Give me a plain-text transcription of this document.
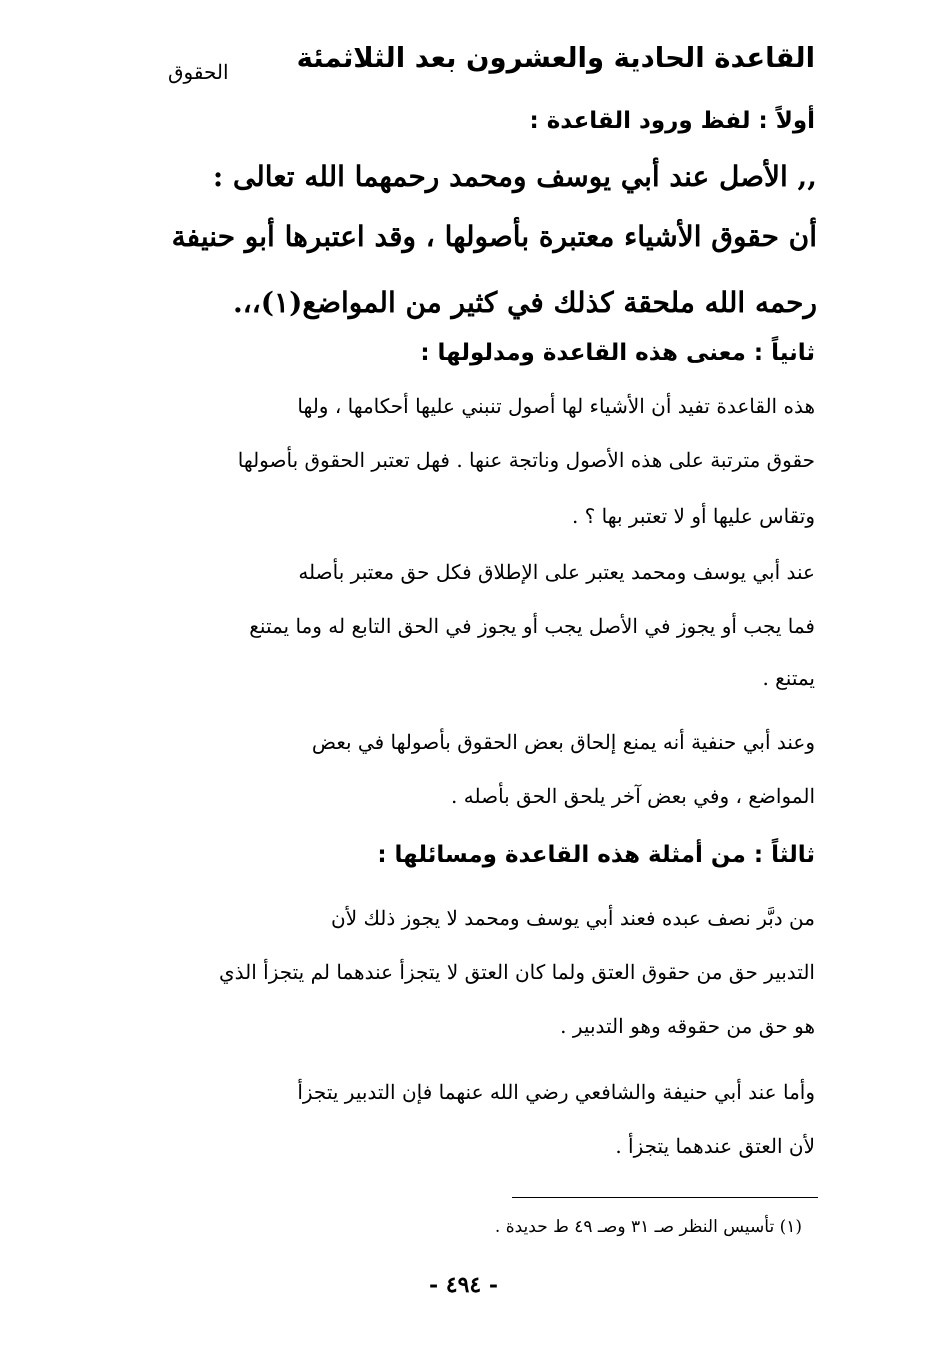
القاعدة الحادية والعشرون بعد الثلاثمئة
الحقوق
أولاً : لفظ ورود القاعدة :
,, الأصل عند أبي يوسف ومحمد رحمهما الله تعالى :
أن حقوق الأشياء معتبرة بأصولها ، وقد اعتبرها أبو حنيفة
رحمه الله ملحقة كذلك في كثير من المواضع(١)،،.
ثانياً : معنى هذه القاعدة ومدلولها :
هذه القاعدة تفيد أن الأشياء لها أصول تنبني عليها أحكامها ، ولها
حقوق مترتبة على هذه الأصول وناتجة عنها . فهل تعتبر الحقوق بأصولها
وتقاس عليها أو لا تعتبر بها ؟ .
عند أبي يوسف ومحمد يعتبر على الإطلاق فكل حق معتبر بأصله
فما يجب أو يجوز في الأصل يجب أو يجوز في الحق التابع له وما يمتنع
يمتنع .
وعند أبي حنفية أنه يمنع إلحاق بعض الحقوق بأصولها في بعض
المواضع ، وفي بعض آخر يلحق الحق بأصله .
ثالثاً : من أمثلة هذه القاعدة ومسائلها :
من دبَّر نصف عبده فعند أبي يوسف ومحمد لا يجوز ذلك لأن
التدبير حق من حقوق العتق ولما كان العتق لا يتجزأ عندهما لم يتجزأ الذي
هو حق من حقوقه وهو التدبير .
وأما عند أبي حنيفة والشافعي رضي الله عنهما فإن التدبير يتجزأ
لأن العتق عندهما يتجزأ .
(١) تأسيس النظر صـ ٣١ وصـ ٤٩ ط حديدة .
- ٤٩٤ -
